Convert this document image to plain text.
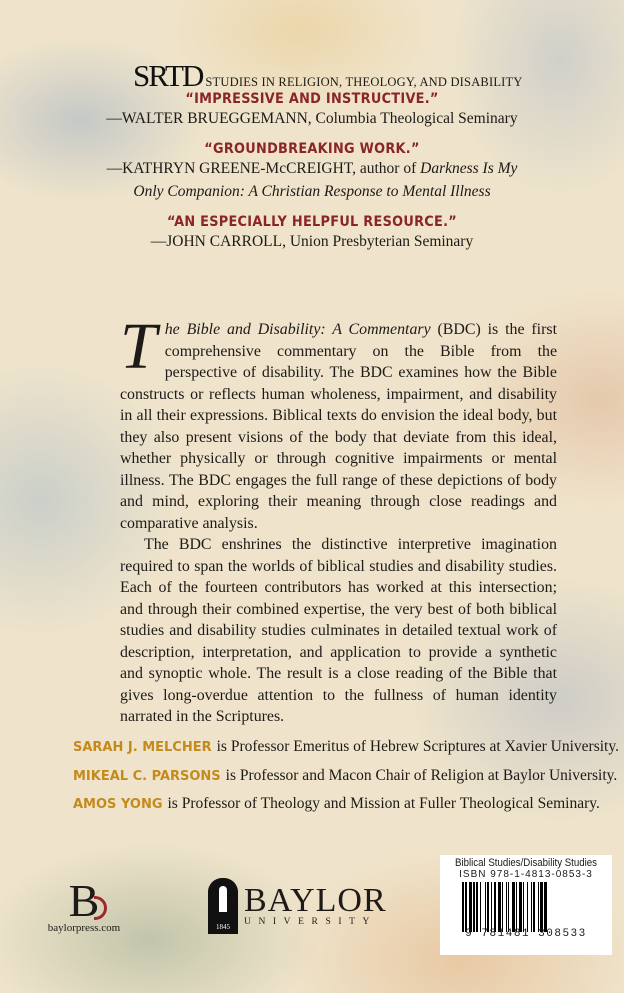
SRTD STUDIES IN RELIGION, THEOLOGY, AND DISABILITY
“IMPRESSIVE AND INSTRUCTIVE.”
—WALTER BRUEGGEMANN, Columbia Theological Seminary
“GROUNDBREAKING WORK.”
—KATHRYN GREENE-McCREIGHT, author of Darkness Is My
Only Companion: A Christian Response to Mental Illness
“AN ESPECIALLY HELPFUL RESOURCE.”
—JOHN CARROLL, Union Presbyterian Seminary

The Bible and Disability: A Commentary (BDC) is the first comprehensive commentary on the Bible from the perspective of disability. The BDC examines how the Bible constructs or reflects human wholeness, impairment, and disability in all their expressions. Biblical texts do envision the ideal body, but they also present visions of the body that deviate from this ideal, whether physically or through cognitive impairments or mental illness. The BDC engages the full range of these depictions of body and mind, exploring their meaning through close readings and comparative analysis.

The BDC enshrines the distinctive interpretive imagination required to span the worlds of biblical studies and disability studies. Each of the fourteen contributors has worked at this intersection; and through their combined expertise, the very best of both biblical studies and disability studies culminates in detailed textual work of description, interpretation, and application to provide a synthetic and synoptic whole. The result is a close reading of the Bible that gives long-overdue attention to the fullness of human identity narrated in the Scriptures.

SARAH J. MELCHER is Professor Emeritus of Hebrew Scriptures at Xavier University.
MIKEAL C. PARSONS is Professor and Macon Chair of Religion at Baylor University.
AMOS YONG is Professor of Theology and Mission at Fuller Theological Seminary.
B
baylorpress.com	1845
BAYLOR
UNIVERSITY
Biblical Studies/Disability Studies
ISBN 978-1-4813-0853-3
9 781481 308533
